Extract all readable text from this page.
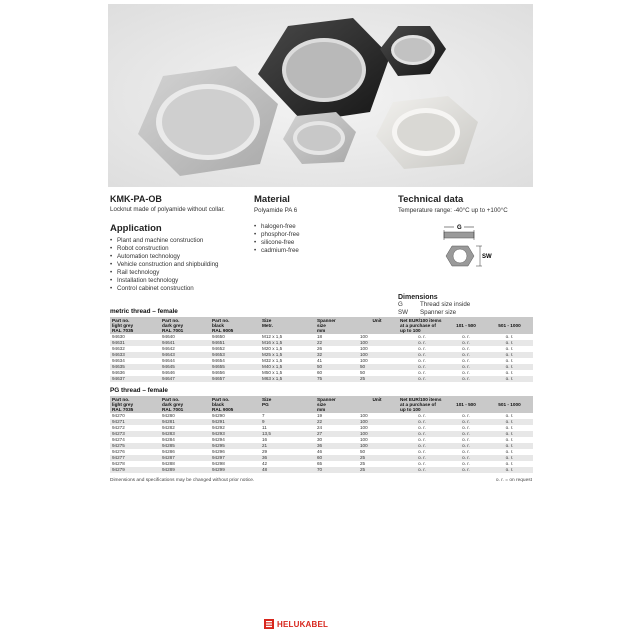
KMK-PA-OB
Locknut made of polyamide without collar.
Application
• Plant and machine construction
• Robot construction
• Automation technology
• Vehicle construction and shipbuilding
• Rail technology
• Installation technology
• Control cabinet construction
Material
Polyamide PA 6
• halogen-free
• phosphor-free
• silicone-free
• cadmium-free
Technical data
Temperature range: -40°C up to +100°C
G
SW
Dimensions
G	Thread size inside
SW	Spanner size
metric thread – female
Part no.
light grey
RAL 7035	Part no.
dark grey
RAL 7001	Part no.
black
RAL 9005	Size
Metr.	Spanner
size
mm	Unit	Net EUR/100 items at a purchase of
up to 100	
101 - 500	
501 - 1000
94630	94640	94650	M12 x 1,5	18	100	o. r.	o. r.	o. r.
94631	94641	94651	M16 x 1,5	22	100	o. r.	o. r.	o. r.
94632	94642	94652	M20 x 1,5	26	100	o. r.	o. r.	o. r.
94633	94643	94653	M25 x 1,5	32	100	o. r.	o. r.	o. r.
94634	94644	94654	M32 x 1,5	41	100	o. r.	o. r.	o. r.
94635	94645	94655	M40 x 1,5	50	50	o. r.	o. r.	o. r.
94636	94646	94656	M50 x 1,5	60	50	o. r.	o. r.	o. r.
94637	94647	94657	M63 x 1,5	75	25	o. r.	o. r.	o. r.
PG thread – female
Part no.
light grey
RAL 7035	Part no.
dark grey
RAL 7001	Part no.
black
RAL 9005	Size
PG	Spanner
size
mm	Unit	Net EUR/100 items at a purchase of
up to 100	
101 - 500	
501 - 1000
94270	94280	94290	7	19	100	o. r.	o. r.	o. r.
94271	94281	94291	9	22	100	o. r.	o. r.	o. r.
94272	94282	94292	11	24	100	o. r.	o. r.	o. r.
94273	94283	94293	13,5	27	100	o. r.	o. r.	o. r.
94274	94284	94294	16	30	100	o. r.	o. r.	o. r.
94275	94285	94295	21	36	100	o. r.	o. r.	o. r.
94276	94286	94296	29	46	50	o. r.	o. r.	o. r.
94277	94287	94297	36	60	25	o. r.	o. r.	o. r.
94278	94288	94298	42	65	25	o. r.	o. r.	o. r.
94279	94289	94299	48	70	25	o. r.	o. r.	o. r.
Dimensions and specifications may be changed without prior notice.	o. r. = on request
HELUKABEL
